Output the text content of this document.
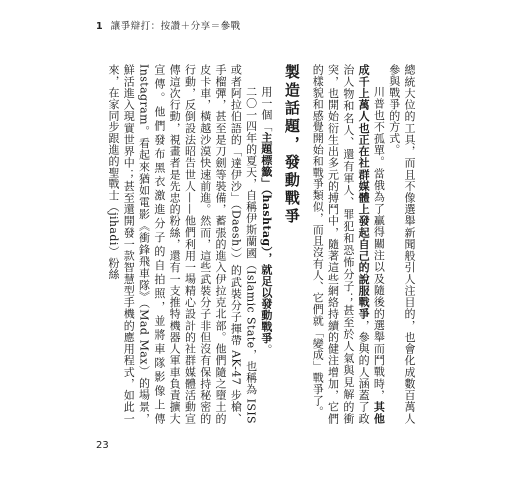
1 讓爭辯打：按讚＋分享＝參戰

總統大位的工具，而且不像選舉新聞般引人注目的，也會化成數百萬人參與戰爭的方式。

川普也不孤單。當俄為了贏得關注以及隨後的選舉而鬥戰時，其他成千上萬人也正在社群媒體上發起自己的說服戰爭，參與的人涵蓋了政治人物和名人、還有軍人、罪犯和恐怖分子；甚至於人氣與見解的衝突，也開始衍生出多元的搏鬥中，隨著這些網絡持續的健注增加，它們的樣貌和感覺開始和戰爭類似，而且沒有人、它們就「變成」戰爭了。

製造話題，發動戰爭

用一個「主題標籤」（hashtag），就足以發動戰爭。

二〇一四年的夏天，自稱伊斯蘭國（Islamic State，也稱為 ISIS 或者阿拉伯語的「達伊沙」（Daesh））的武裝分子揮帶 AK-47 步槍、手榴彈，甚至是刀劍等裝備，蓄張的進入伊拉克北部。他們隨之墮土的皮卡車，橫越沙漠快速前進。然而，這些武裝分子非但沒有保持秘密的行動，反倒設法昭告世人——他們利用一場精心設計的社群媒體活動宣傳這次行動，視畫者是先忠的粉絲，還有一支推特機器人軍車負責擴大宣傳。他們發布黑衣激進分子的自拍照，並將車隊影像上傳 Instagram。看起來猶如電影《衝鋒飛車隊》（Mad Max）的場景，鮮活進入現實世界中；甚至還開發一款智慧型手機的應用程式，如此一來，在家同步跟進的聖戰士（jihadi）粉絲

23
